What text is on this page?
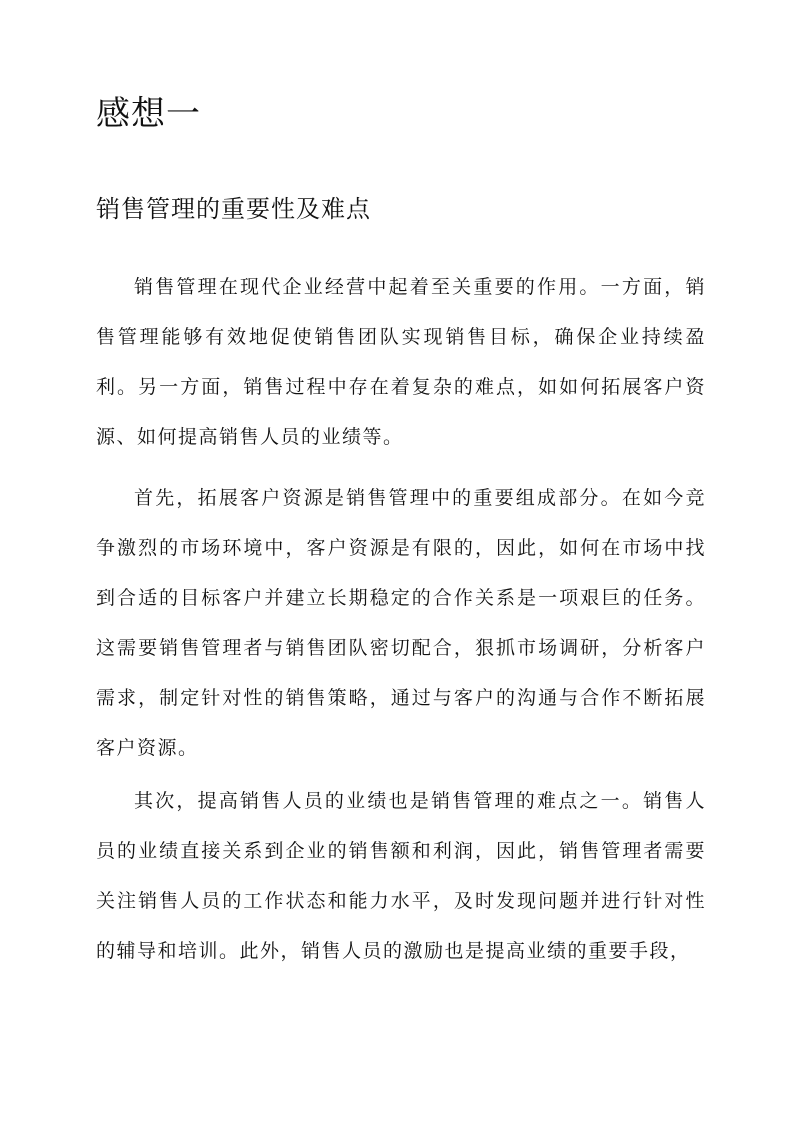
感想一
销售管理的重要性及难点

销售管理在现代企业经营中起着至关重要的作用。一方面，销售管理能够有效地促使销售团队实现销售目标，确保企业持续盈利。另一方面，销售过程中存在着复杂的难点，如如何拓展客户资源、如何提高销售人员的业绩等。

首先，拓展客户资源是销售管理中的重要组成部分。在如今竞争激烈的市场环境中，客户资源是有限的，因此，如何在市场中找到合适的目标客户并建立长期稳定的合作关系是一项艰巨的任务。这需要销售管理者与销售团队密切配合，狠抓市场调研，分析客户需求，制定针对性的销售策略，通过与客户的沟通与合作不断拓展客户资源。

其次，提高销售人员的业绩也是销售管理的难点之一。销售人员的业绩直接关系到企业的销售额和利润，因此，销售管理者需要关注销售人员的工作状态和能力水平，及时发现问题并进行针对性的辅导和培训。此外，销售人员的激励也是提高业绩的重要手段，
